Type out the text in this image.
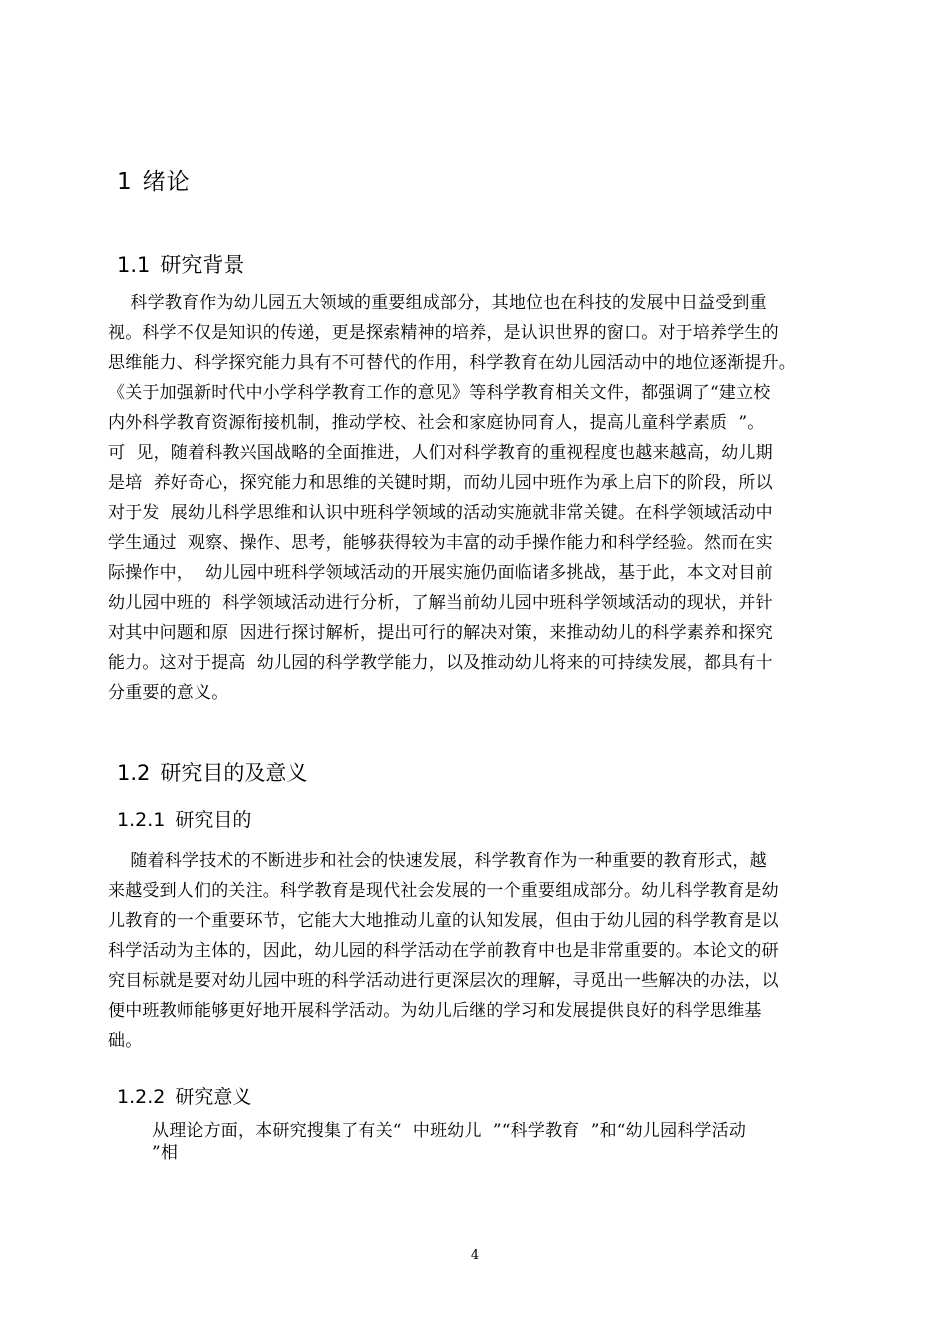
1 绪论
1.1 研究背景
科学教育作为幼儿园五大领域的重要组成部分，其地位也在科技的发展中日益受到重
视。科学不仅是知识的传递，更是探索精神的培养，是认识世界的窗口。对于培养学生的
思维能力、科学探究能力具有不可替代的作用，科学教育在幼儿园活动中的地位逐渐提升。
《关于加强新时代中小学科学教育工作的意见》等科学教育相关文件，都强调了“建立校
内外科学教育资源衔接机制，推动学校、社会和家庭协同育人，提高儿童科学素质  ”。
可  见，随着科教兴国战略的全面推进，人们对科学教育的重视程度也越来越高，幼儿期
是培  养好奇心，探究能力和思维的关键时期，而幼儿园中班作为承上启下的阶段，所以
对于发  展幼儿科学思维和认识中班科学领域的活动实施就非常关键。在科学领域活动中
学生通过  观察、操作、思考，能够获得较为丰富的动手操作能力和科学经验。然而在实
际操作中，  幼儿园中班科学领域活动的开展实施仍面临诸多挑战，基于此，本文对目前
幼儿园中班的  科学领域活动进行分析，了解当前幼儿园中班科学领域活动的现状，并针
对其中问题和原  因进行探讨解析，提出可行的解决对策，来推动幼儿的科学素养和探究
能力。这对于提高  幼儿园的科学教学能力，以及推动幼儿将来的可持续发展，都具有十
分重要的意义。
1.2 研究目的及意义
1.2.1 研究目的
随着科学技术的不断进步和社会的快速发展，科学教育作为一种重要的教育形式，越
来越受到人们的关注。科学教育是现代社会发展的一个重要组成部分。幼儿科学教育是幼
儿教育的一个重要环节，它能大大地推动儿童的认知发展，但由于幼儿园的科学教育是以
科学活动为主体的，因此，幼儿园的科学活动在学前教育中也是非常重要的。本论文的研
究目标就是要对幼儿园中班的科学活动进行更深层次的理解，寻觅出一些解决的办法，以
便中班教师能够更好地开展科学活动。为幼儿后继的学习和发展提供良好的科学思维基
础。
1.2.2 研究意义
从理论方面，本研究搜集了有关“  中班幼儿  ”“科学教育  ”和“幼儿园科学活动
”相
4
